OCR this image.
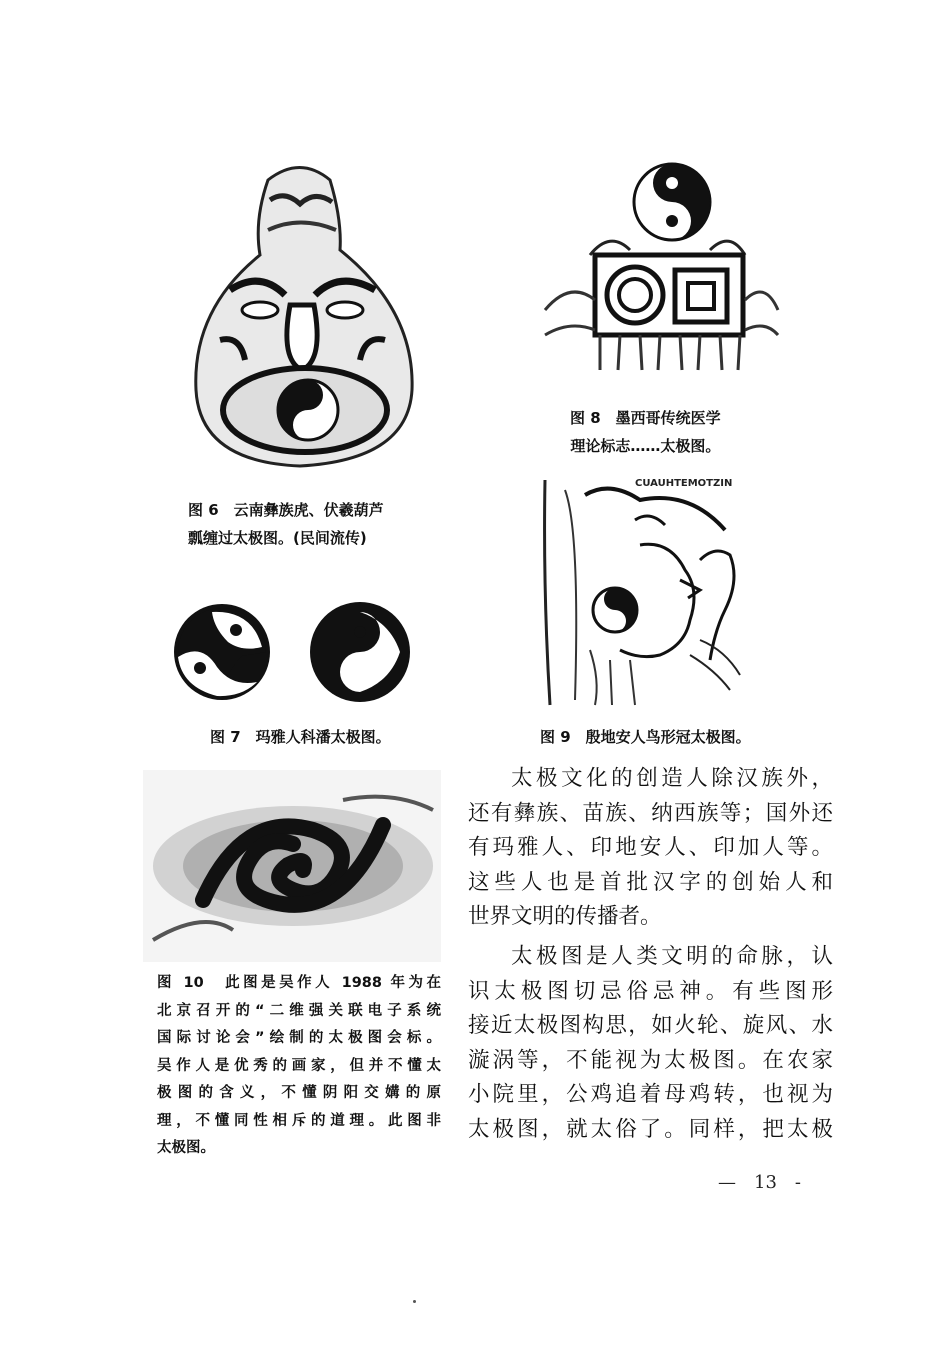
图 6　云南彝族虎、伏羲葫芦
瓢缠过太极图。(民间流传)
图 7　玛雅人科潘太极图。
图 8　墨西哥传统医学
理论标志……太极图。
CUAUHTEMOTZIN
图 9　殷地安人鸟形冠太极图。
图 10　此图是吴作人 1988 年为在
北京召开的“二维强关联电子系统
国际讨论会”绘制的太极图会标。
吴作人是优秀的画家，但并不懂太
极图的含义，不懂阴阳交媾的原
理，不懂同性相斥的道理。此图非
太极图。
太极文化的创造人除汉族外，
还有彝族、苗族、纳西族等；国外还
有玛雅人、印地安人、印加人等。
这些人也是首批汉字的创始人和
世界文明的传播者。
太极图是人类文明的命脉，认
识太极图切忌俗忌神。有些图形
接近太极图构思，如火轮、旋风、水
漩涡等，不能视为太极图。在农家
小院里，公鸡追着母鸡转，也视为
太极图，就太俗了。同样，把太极
—　13　-
